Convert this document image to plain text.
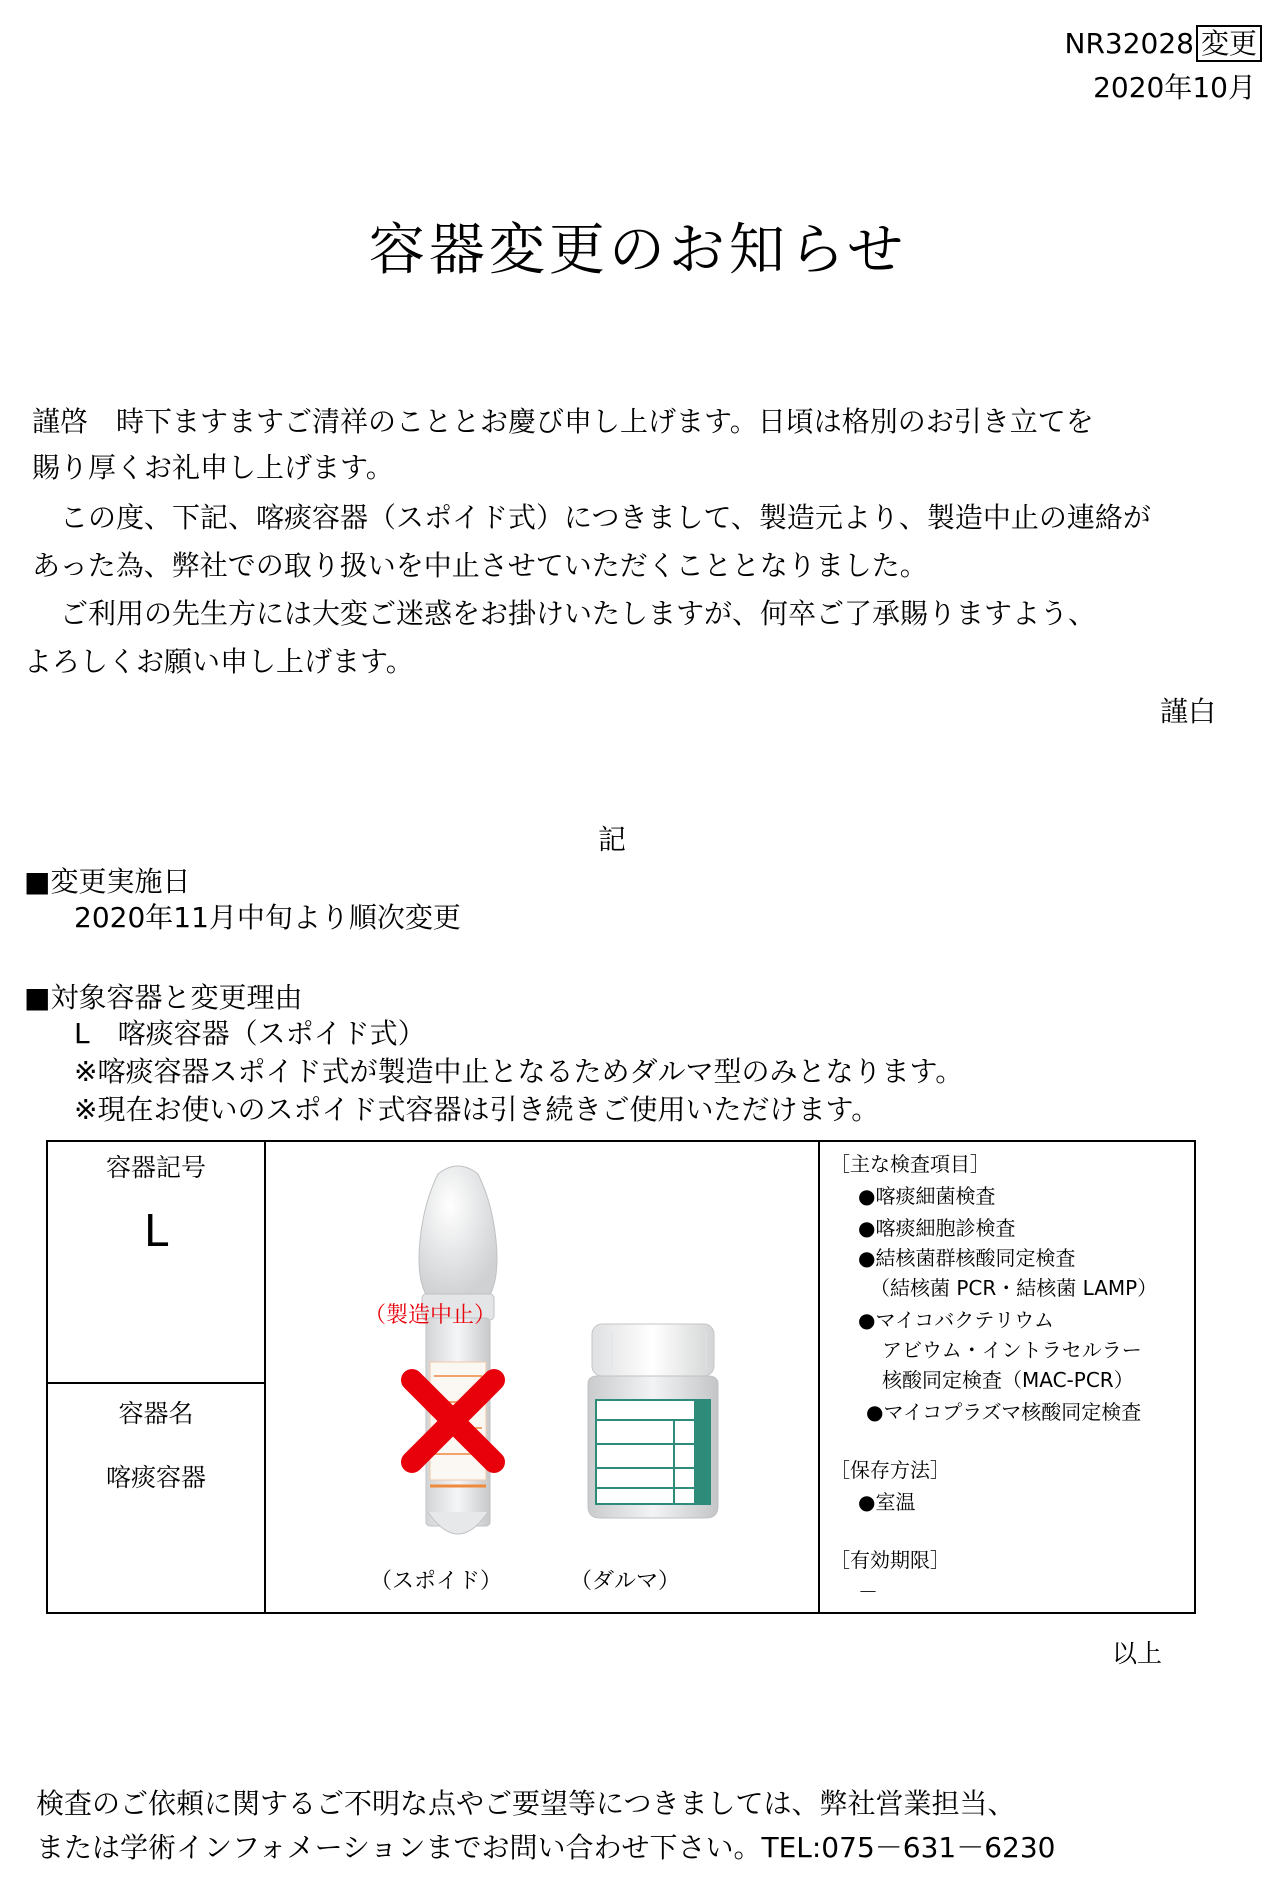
NR32028 変更
2020年10月
容器変更のお知らせ
謹啓　時下ますますご清祥のこととお慶び申し上げます。日頃は格別のお引き立てを
賜り厚くお礼申し上げます。
　この度、下記、喀痰容器（スポイド式）につきまして、製造元より、製造中止の連絡が
あった為、弊社での取り扱いを中止させていただくこととなりました。
　ご利用の先生方には大変ご迷惑をお掛けいたしますが、何卒ご了承賜りますよう、
よろしくお願い申し上げます。
謹白
記
■変更実施日
2020年11月中旬より順次変更
■対象容器と変更理由
L　喀痰容器（スポイド式）
※喀痰容器スポイド式が製造中止となるためダルマ型のみとなります。
※現在お使いのスポイド式容器は引き続きご使用いただけます。
容器記号
L
容器名
喀痰容器
（製造中止）
（スポイド）	（ダルマ）
［主な検査項目］
●喀痰細菌検査
●喀痰細胞診検査
●結核菌群核酸同定検査
（結核菌 PCR・結核菌 LAMP）
●マイコバクテリウム
アビウム・イントラセルラー
核酸同定検査（MAC-PCR）
●マイコプラズマ核酸同定検査
［保存方法］
●室温
［有効期限］
－
以上
検査のご依頼に関するご不明な点やご要望等につきましては、弊社営業担当、
または学術インフォメーションまでお問い合わせ下さい。TEL:075－631－6230
